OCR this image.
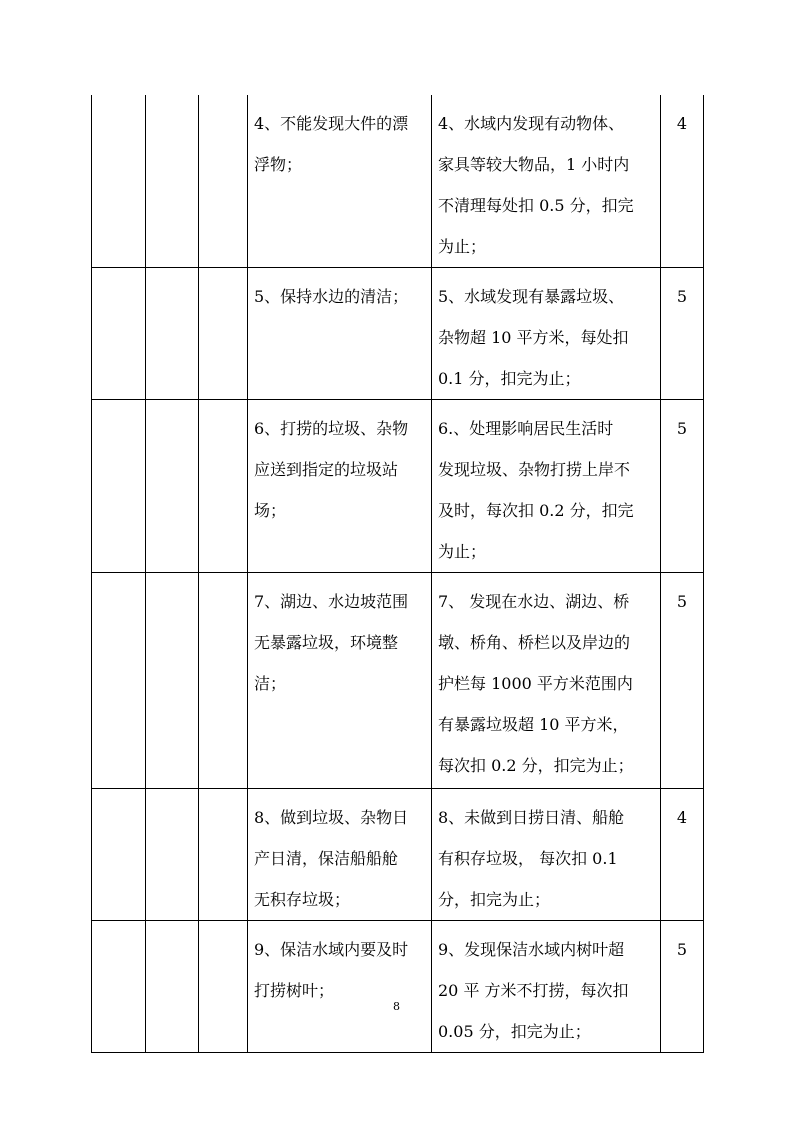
			4、不能发现大件的漂
浮物；	4、水域内发现有动物体、
家具等较大物品，1 小时内
不清理每处扣 0.5 分，扣完
为止；	4

			5、保持水边的清洁；	5、水域发现有暴露垃圾、
杂物超 10 平方米，每处扣
0.1 分，扣完为止；	5

			6、打捞的垃圾、杂物
应送到指定的垃圾站
场；	6.、处理影响居民生活时
发现垃圾、杂物打捞上岸不
及时，每次扣 0.2 分，扣完
为止；	5

			7、湖边、水边坡范围
无暴露垃圾，环境整
洁；	7、 发现在水边、湖边、桥
墩、桥角、桥栏以及岸边的
护栏每 1000 平方米范围内
有暴露垃圾超 10 平方米，
每次扣 0.2 分，扣完为止；	5

			8、做到垃圾、杂物日
产日清，保洁船船舱
无积存垃圾；	8、未做到日捞日清、船舱
有积存垃圾， 每次扣 0.1
分，扣完为止；	4

			9、保洁水域内要及时
打捞树叶；	9、发现保洁水域内树叶超
20 平 方米不打捞，每次扣
0.05 分，扣完为止；	5
8
